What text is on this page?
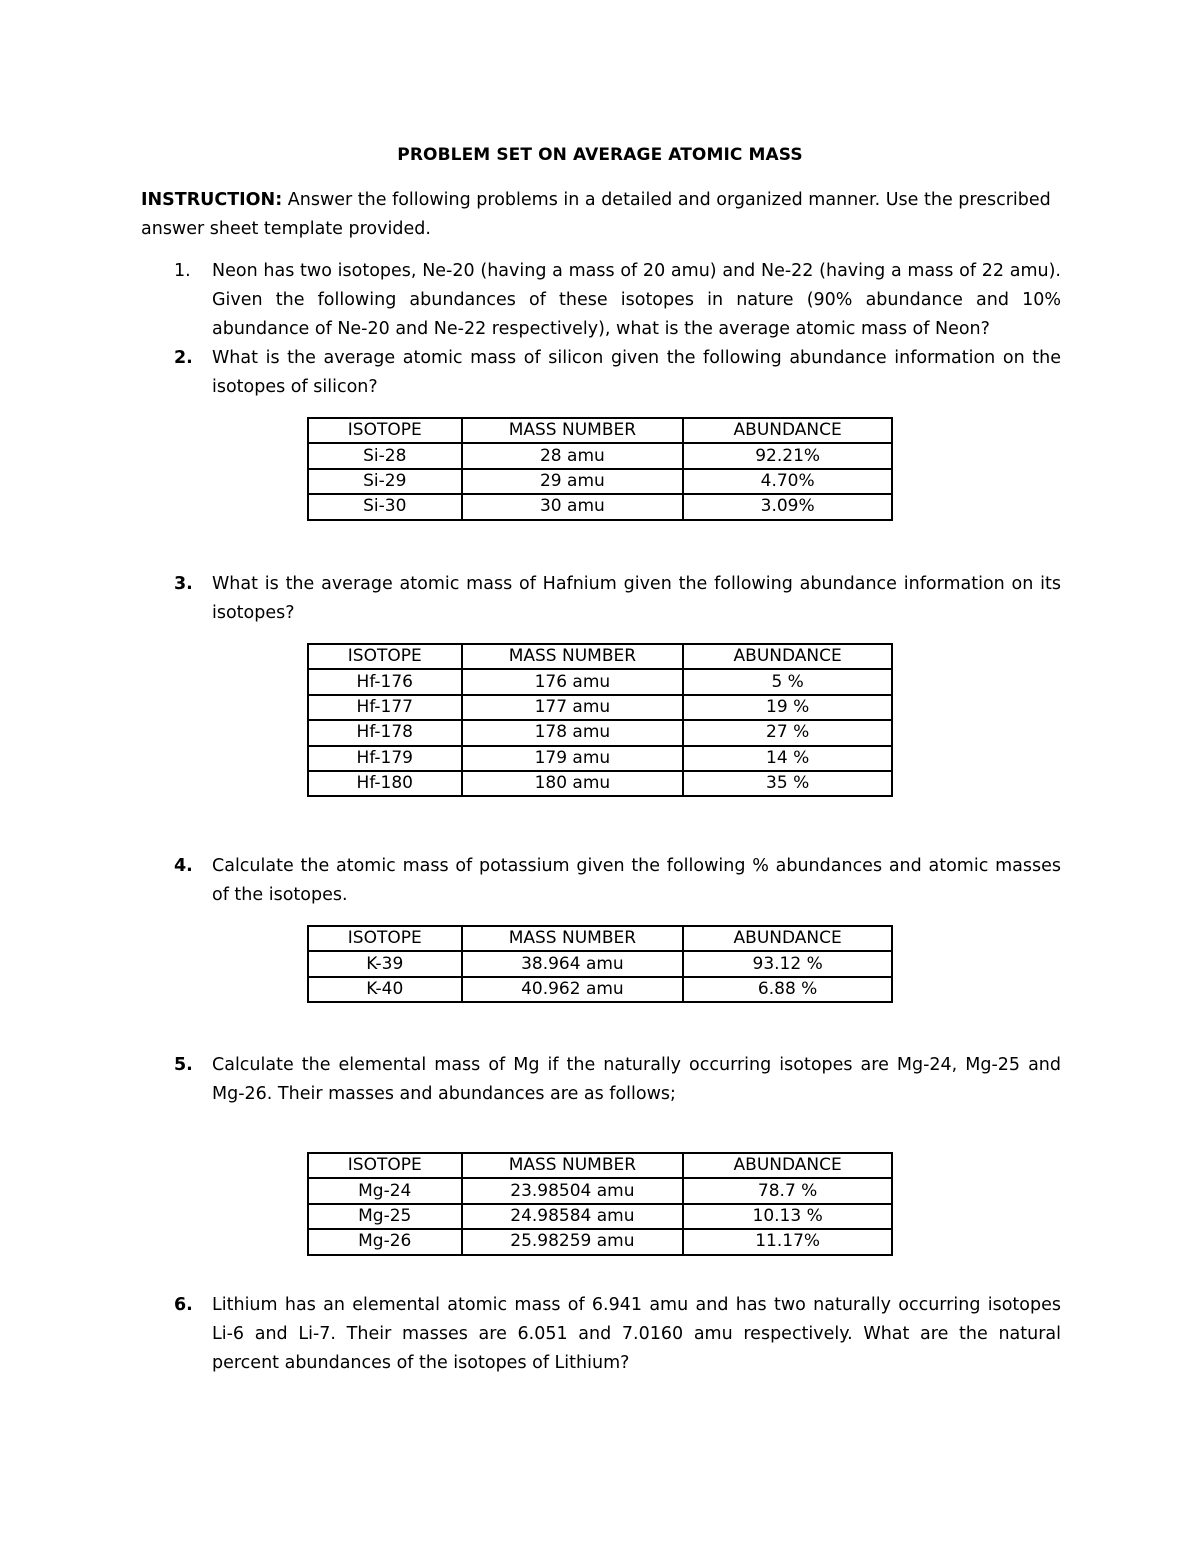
PROBLEM SET ON AVERAGE ATOMIC MASS
INSTRUCTION: Answer the following problems in a detailed and organized manner. Use the prescribed answer sheet template provided.
1.	Neon has two isotopes, Ne-20 (having a mass of 20 amu) and Ne-22 (having a mass of 22 amu). Given the following abundances of these isotopes in nature (90% abundance and 10% abundance of Ne-20 and Ne-22 respectively), what is the average atomic mass of Neon?
2.	What is the average atomic mass of silicon given the following abundance information on the isotopes of silicon?
ISOTOPE	MASS NUMBER	ABUNDANCE
Si-28	28 amu	92.21%
Si-29	29 amu	4.70%
Si-30	30 amu	3.09%
3.	What is the average atomic mass of Hafnium given the following abundance information on its isotopes?
ISOTOPE	MASS NUMBER	ABUNDANCE
Hf-176	176 amu	5 %
Hf-177	177 amu	19 %
Hf-178	178 amu	27 %
Hf-179	179 amu	14 %
Hf-180	180 amu	35 %
4.	Calculate the atomic mass of potassium given the following % abundances and atomic masses of the isotopes.
ISOTOPE	MASS NUMBER	ABUNDANCE
K-39	38.964 amu	93.12 %
K-40	40.962 amu	6.88 %
5.	Calculate the elemental mass of Mg if the naturally occurring isotopes are Mg-24, Mg-25 and Mg-26. Their masses and abundances are as follows;
ISOTOPE	MASS NUMBER	ABUNDANCE
Mg-24	23.98504 amu	78.7 %
Mg-25	24.98584 amu	10.13 %
Mg-26	25.98259 amu	11.17%
6.	Lithium has an elemental atomic mass of 6.941 amu and has two naturally occurring isotopes Li-6 and Li-7. Their masses are 6.051 and 7.0160 amu respectively. What are the natural percent abundances of the isotopes of Lithium?
